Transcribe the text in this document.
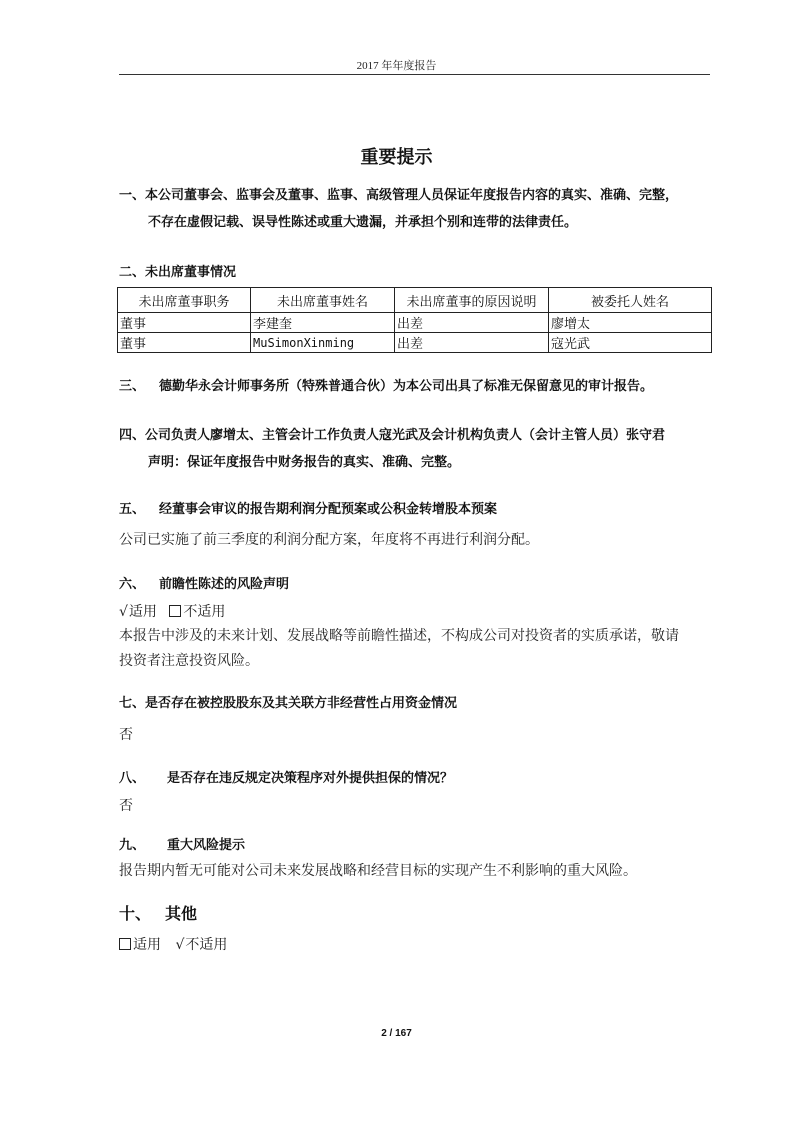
2017 年年度报告
重要提示
一、本公司董事会、监事会及董事、监事、高级管理人员保证年度报告内容的真实、准确、完整，
不存在虚假记载、误导性陈述或重大遗漏，并承担个别和连带的法律责任。
二、未出席董事情况
未出席董事职务	未出席董事姓名	未出席董事的原因说明	被委托人姓名
董事	李建奎	出差	廖增太
董事	MuSimonXinming	出差	寇光武
三、 德勤华永会计师事务所（特殊普通合伙）为本公司出具了标准无保留意见的审计报告。
四、公司负责人廖增太、主管会计工作负责人寇光武及会计机构负责人（会计主管人员）张守君
声明：保证年度报告中财务报告的真实、准确、完整。
五、 经董事会审议的报告期利润分配预案或公积金转增股本预案
公司已实施了前三季度的利润分配方案，年度将不再进行利润分配。
六、 前瞻性陈述的风险声明
√适用 不适用
本报告中涉及的未来计划、发展战略等前瞻性描述，不构成公司对投资者的实质承诺，敬请
投资者注意投资风险。
七、是否存在被控股股东及其关联方非经营性占用资金情况
否
八、 是否存在违反规定决策程序对外提供担保的情况？
否
九、 重大风险提示
报告期内暂无可能对公司未来发展战略和经营目标的实现产生不利影响的重大风险。
十、 其他
适用 √不适用
2 / 167
